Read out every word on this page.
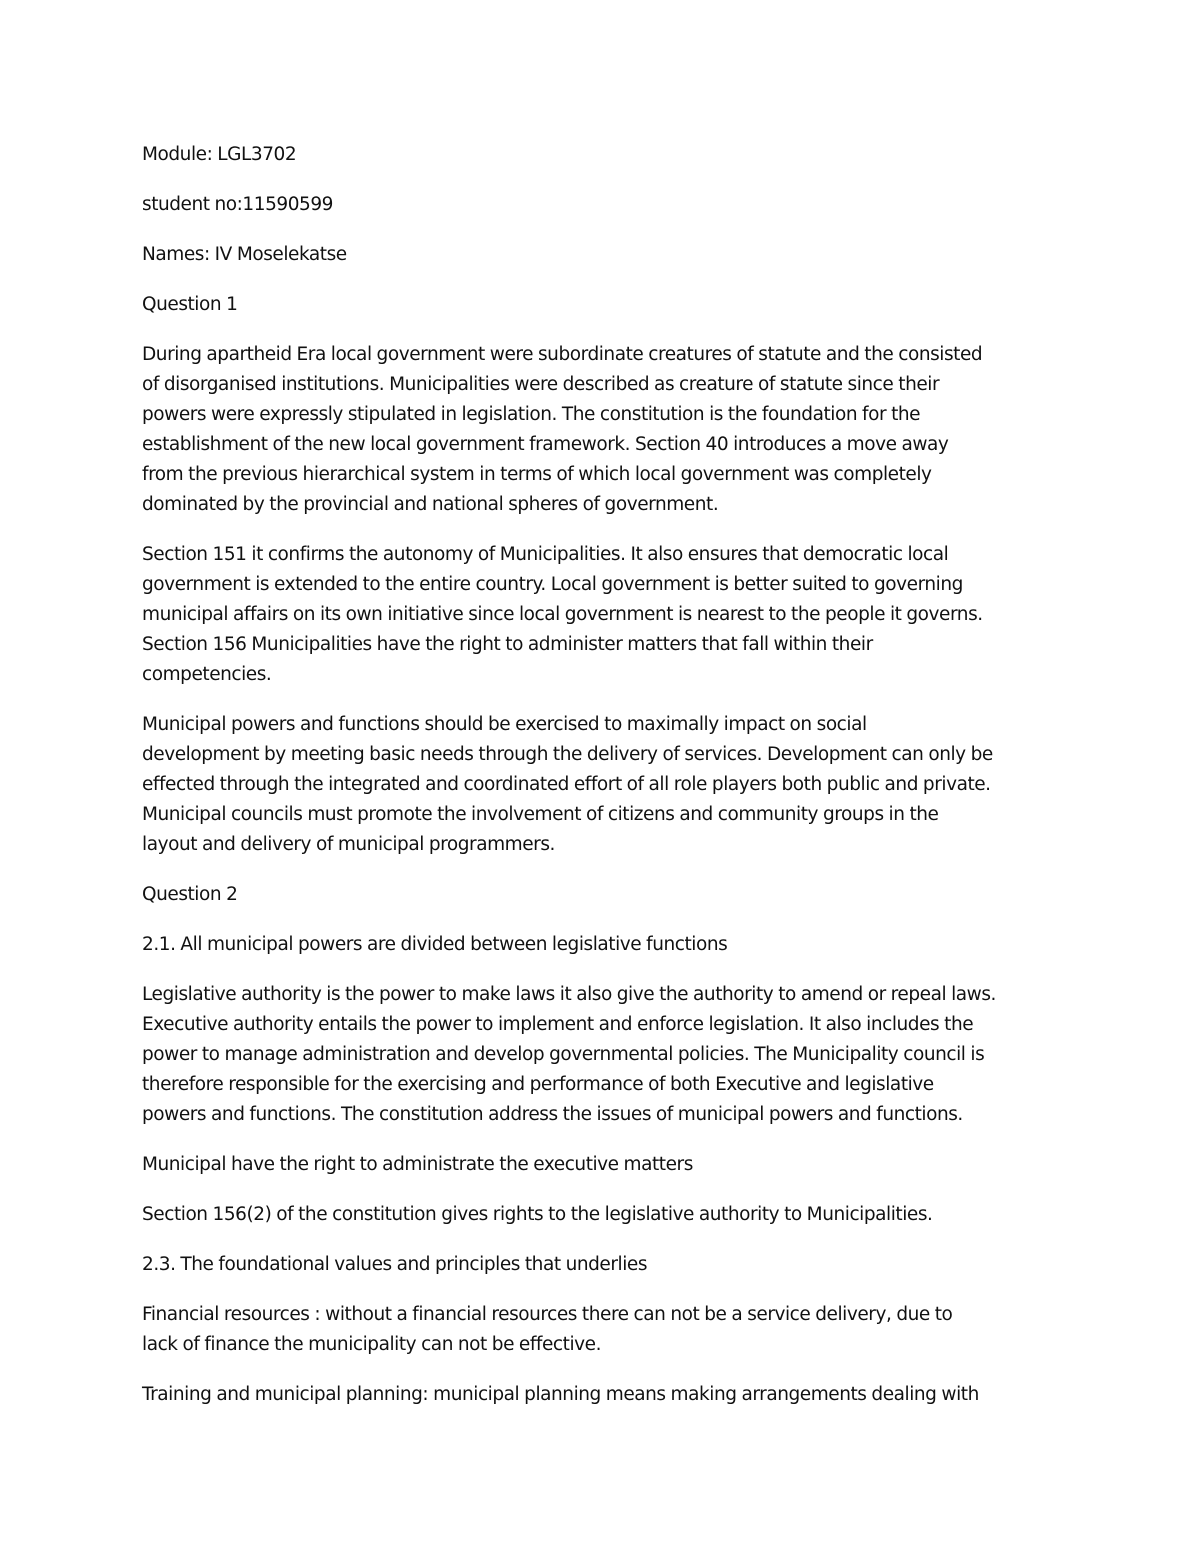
Module: LGL3702

student no:11590599

Names: IV Moselekatse

Question 1

During apartheid Era local government were subordinate creatures of statute and the consisted
of disorganised institutions. Municipalities were described as creature of statute since their
powers were expressly stipulated in legislation. The constitution is the foundation for the
establishment of the new local government framework. Section 40 introduces a move away
from the previous hierarchical system in terms of which local government was completely
dominated by the provincial and national spheres of government.

Section 151 it confirms the autonomy of Municipalities. It also ensures that democratic local
government is extended to the entire country. Local government is better suited to governing
municipal affairs on its own initiative since local government is nearest to the people it governs.
Section 156 Municipalities have the right to administer matters that fall within their
competencies.

Municipal powers and functions should be exercised to maximally impact on social
development by meeting basic needs through the delivery of services. Development can only be
effected through the integrated and coordinated effort of all role players both public and private.
Municipal councils must promote the involvement of citizens and community groups in the
layout and delivery of municipal programmers.

Question 2

2.1. All municipal powers are divided between legislative functions

Legislative authority is the power to make laws it also give the authority to amend or repeal laws.
Executive authority entails the power to implement and enforce legislation. It also includes the
power to manage administration and develop governmental policies. The Municipality council is
therefore responsible for the exercising and performance of both Executive and legislative
powers and functions. The constitution address the issues of municipal powers and functions.

Municipal have the right to administrate the executive matters

Section 156(2) of the constitution gives rights to the legislative authority to Municipalities.

2.3. The foundational values and principles that underlies

Financial resources : without a financial resources there can not be a service delivery, due to
lack of finance the municipality can not be effective.

Training and municipal planning: municipal planning means making arrangements dealing with
